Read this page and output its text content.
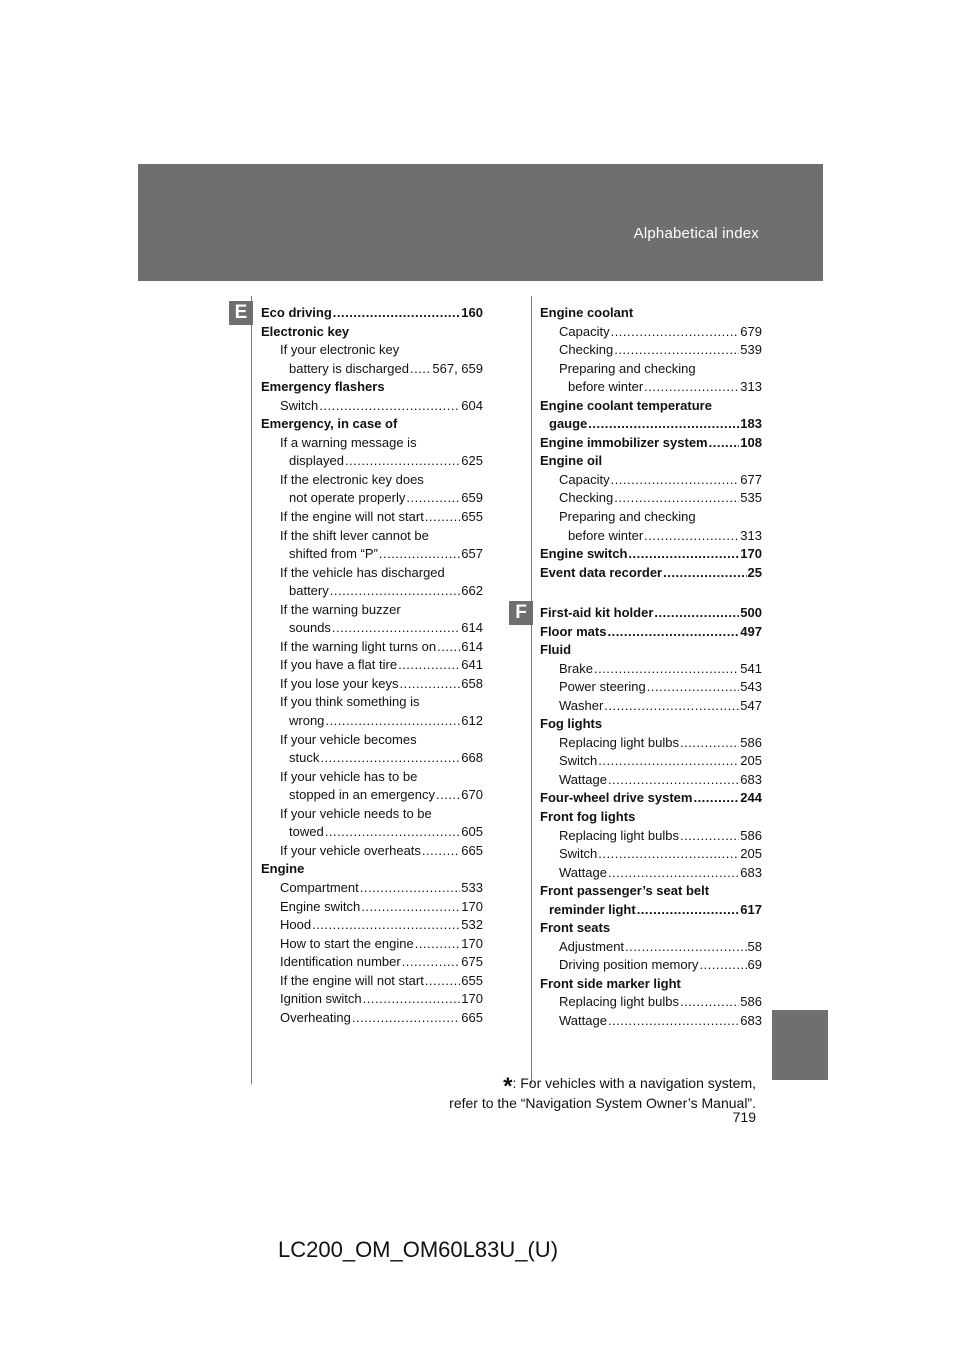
Alphabetical index
E
F
Eco driving .....	160
Electronic key
If your electronic key
battery is discharged ..... 567, 659
Emergency flashers
Switch .....	604
Emergency, in case of
If a warning message is
displayed .....	625
If the electronic key does
not operate properly .....	659
If the engine will not start .....	655
If the shift lever cannot be
shifted from “P” .....	657
If the vehicle has discharged
battery .....	662
If the warning buzzer
sounds .....	614
If the warning light turns on ..... 614
If you have a flat tire .....	641
If you lose your keys .....	658
If you think something is
wrong .....	612
If your vehicle becomes
stuck .....	668
If your vehicle has to be
stopped in an emergency ..... 670
If your vehicle needs to be
towed .....	605
If your vehicle overheats .....	665
Engine
Compartment .....	533
Engine switch .....	170
Hood .....	532
How to start the engine .....	170
Identification number .....	675
If the engine will not start .....	655
Ignition switch .....	170
Overheating .....	665
Engine coolant
Capacity .....	679
Checking .....	539
Preparing and checking
before winter .....	313
Engine coolant temperature
gauge .....	183
Engine immobilizer system .....	108
Engine oil
Capacity .....	677
Checking .....	535
Preparing and checking
before winter .....	313
Engine switch .....	170
Event data recorder .....	25
First-aid kit holder .....	500
Floor mats .....	497
Fluid
Brake .....	541
Power steering .....	543
Washer .....	547
Fog lights
Replacing light bulbs .....	586
Switch .....	205
Wattage .....	683
Four-wheel drive system .....	244
Front fog lights
Replacing light bulbs .....	586
Switch .....	205
Wattage .....	683
Front passenger’s seat belt
reminder light .....	617
Front seats
Adjustment .....	58
Driving position memory .....	69
Front side marker light
Replacing light bulbs .....	586
Wattage .....	683
*: For vehicles with a navigation system,
refer to the “Navigation System Owner’s Manual”.
719
LC200_OM_OM60L83U_(U)
